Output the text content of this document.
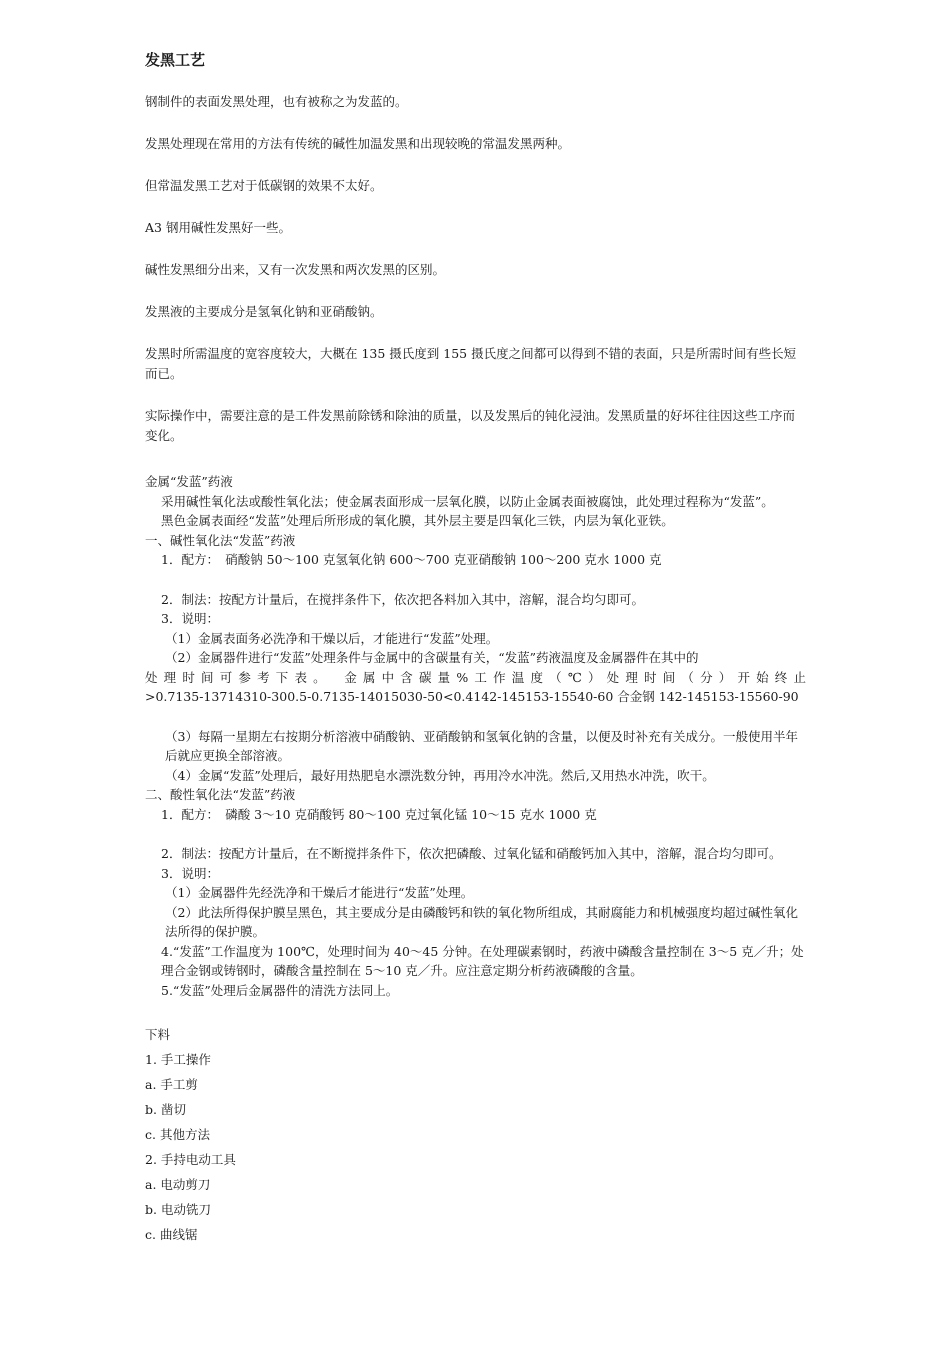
发黑工艺

钢制件的表面发黑处理，也有被称之为发蓝的。

发黑处理现在常用的方法有传统的碱性加温发黑和出现较晚的常温发黑两种。

但常温发黑工艺对于低碳钢的效果不太好。

A3 钢用碱性发黑好一些。

碱性发黑细分出来，又有一次发黑和两次发黑的区别。

发黑液的主要成分是氢氧化钠和亚硝酸钠。

发黑时所需温度的宽容度较大，大概在 135 摄氏度到 155 摄氏度之间都可以得到不错的表面，只是所需时间有些长短而已。

实际操作中，需要注意的是工件发黑前除锈和除油的质量，以及发黑后的钝化浸油。发黑质量的好坏往往因这些工序而变化。

金属“发蓝”药液

采用碱性氧化法或酸性氧化法；使金属表面形成一层氧化膜，以防止金属表面被腐蚀，此处理过程称为“发蓝”。

黑色金属表面经“发蓝”处理后所形成的氧化膜，其外层主要是四氧化三铁，内层为氧化亚铁。

一、碱性氧化法“发蓝”药液

1．配方：　硝酸钠 50～100 克氢氧化钠 600～700 克亚硝酸钠 100～200 克水 1000 克

2．制法：按配方计量后，在搅拌条件下，依次把各料加入其中，溶解，混合均匀即可。

3．说明：

（1）金属表面务必洗净和干燥以后，才能进行“发蓝”处理。

（2）金属器件进行“发蓝”处理条件与金属中的含碳量有关，“发蓝”药液温度及金属器件在其中的

处理时间可参考下表。　金属中含碳量%工作温度（℃）处理时间（分）开始终止

>0.7135-13714310-300.5-0.7135-14015030-50<0.4142-145153-15540-60 合金钢 142-145153-15560-90

（3）每隔一星期左右按期分析溶液中硝酸钠、亚硝酸钠和氢氧化钠的含量，以便及时补充有关成分。一般使用半年后就应更换全部溶液。

（4）金属“发蓝”处理后，最好用热肥皂水漂洗数分钟，再用冷水冲洗。然后,又用热水冲洗，吹干。

二、酸性氧化法“发蓝”药液

1．配方：　磷酸 3～10 克硝酸钙 80～100 克过氧化锰 10～15 克水 1000 克

2．制法：按配方计量后，在不断搅拌条件下，依次把磷酸、过氧化锰和硝酸钙加入其中，溶解，混合均匀即可。

3．说明：

（1）金属器件先经洗净和干燥后才能进行“发蓝”处理。

（2）此法所得保护膜呈黑色，其主要成分是由磷酸钙和铁的氧化物所组成，其耐腐能力和机械强度均超过碱性氧化法所得的保护膜。

4.“发蓝”工作温度为 100℃，处理时间为 40～45 分钟。在处理碳素钢时，药液中磷酸含量控制在 3～5 克／升；处理合金钢或铸钢时，磷酸含量控制在 5～10 克／升。应注意定期分析药液磷酸的含量。

5.“发蓝”处理后金属器件的清洗方法同上。

下料

1. 手工操作

a. 手工剪

b. 凿切

c. 其他方法

2. 手持电动工具

a. 电动剪刀

b. 电动铣刀

c. 曲线锯
